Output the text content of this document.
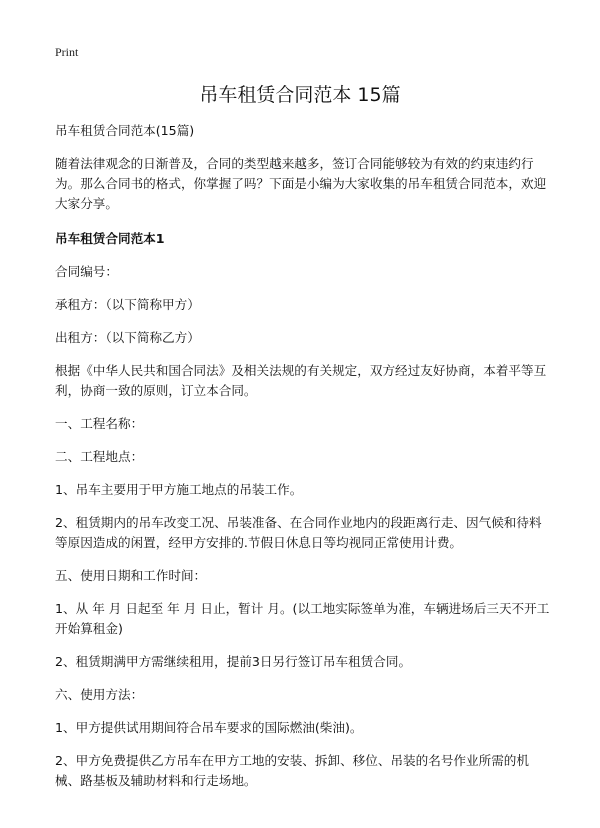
Print
吊车租赁合同范本 15篇

吊车租赁合同范本(15篇)

随着法律观念的日渐普及，合同的类型越来越多，签订合同能够较为有效的约束违约行为。那么合同书的格式，你掌握了吗？下面是小编为大家收集的吊车租赁合同范本，欢迎大家分享。

吊车租赁合同范本1

合同编号：

承租方：（以下简称甲方）

出租方：（以下简称乙方）

根据《中华人民共和国合同法》及相关法规的有关规定，双方经过友好协商，本着平等互利，协商一致的原则，订立本合同。

一、工程名称：

二、工程地点：

1、吊车主要用于甲方施工地点的吊装工作。

2、租赁期内的吊车改变工况、吊装准备、在合同作业地内的段距离行走、因气候和待料等原因造成的闲置，经甲方安排的.节假日休息日等均视同正常使用计费。

五、使用日期和工作时间：

1、从 年 月 日起至 年 月 日止，暂计 月。(以工地实际签单为准，车辆进场后三天不开工开始算租金)

2、租赁期满甲方需继续租用，提前3日另行签订吊车租赁合同。

六、使用方法：

1、甲方提供试用期间符合吊车要求的国际燃油(柴油)。

2、甲方免费提供乙方吊车在甲方工地的安装、拆卸、移位、吊装的名号作业所需的机械、路基板及辅助材料和行走场地。
